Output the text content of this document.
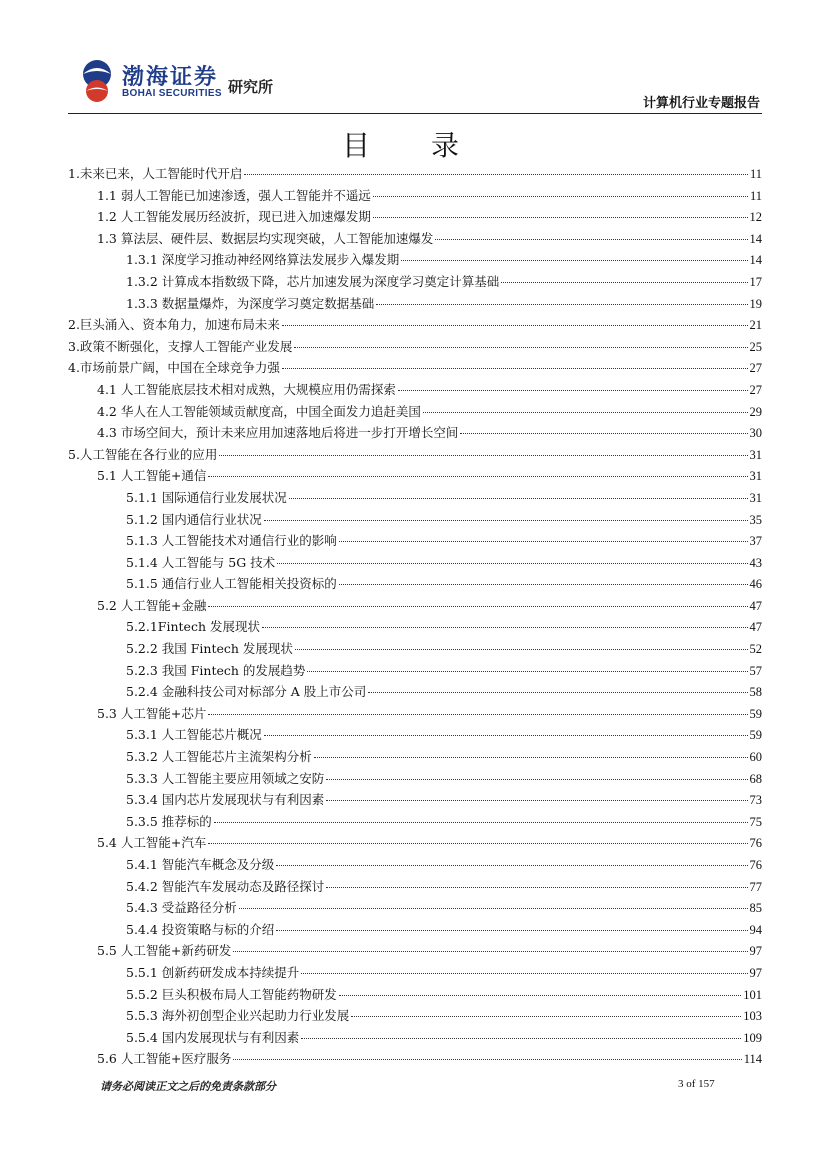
渤海证券
BOHAI SECURITIES 研究所
计算机行业专题报告
目 录
1.未来已来，人工智能时代开启	11
1.1 弱人工智能已加速渗透，强人工智能并不遥远	11
1.2 人工智能发展历经波折，现已进入加速爆发期	12
1.3 算法层、硬件层、数据层均实现突破，人工智能加速爆发	14
1.3.1 深度学习推动神经网络算法发展步入爆发期	14
1.3.2 计算成本指数级下降，芯片加速发展为深度学习奠定计算基础	17
1.3.3 数据量爆炸，为深度学习奠定数据基础	19
2.巨头涌入、资本角力，加速布局未来	21
3.政策不断强化，支撑人工智能产业发展	25
4.市场前景广阔，中国在全球竞争力强	27
4.1 人工智能底层技术相对成熟，大规模应用仍需探索	27
4.2 华人在人工智能领域贡献度高，中国全面发力追赶美国	29
4.3 市场空间大，预计未来应用加速落地后将进一步打开增长空间	30
5.人工智能在各行业的应用	31
5.1 人工智能+通信	31
5.1.1 国际通信行业发展状况	31
5.1.2 国内通信行业状况	35
5.1.3 人工智能技术对通信行业的影响	37
5.1.4 人工智能与 5G 技术	43
5.1.5 通信行业人工智能相关投资标的	46
5.2 人工智能+金融	47
5.2.1Fintech 发展现状	47
5.2.2 我国 Fintech 发展现状	52
5.2.3 我国 Fintech 的发展趋势	57
5.2.4 金融科技公司对标部分 A 股上市公司	58
5.3 人工智能+芯片	59
5.3.1 人工智能芯片概况	59
5.3.2 人工智能芯片主流架构分析	60
5.3.3 人工智能主要应用领域之安防	68
5.3.4 国内芯片发展现状与有利因素	73
5.3.5 推荐标的	75
5.4 人工智能+汽车	76
5.4.1 智能汽车概念及分级	76
5.4.2 智能汽车发展动态及路径探讨	77
5.4.3 受益路径分析	85
5.4.4 投资策略与标的介绍	94
5.5 人工智能+新药研发	97
5.5.1 创新药研发成本持续提升	97
5.5.2 巨头积极布局人工智能药物研发	101
5.5.3 海外初创型企业兴起助力行业发展	103
5.5.4 国内发展现状与有利因素	109
5.6 人工智能+医疗服务	114
请务必阅读正文之后的免责条款部分	3 of 157
